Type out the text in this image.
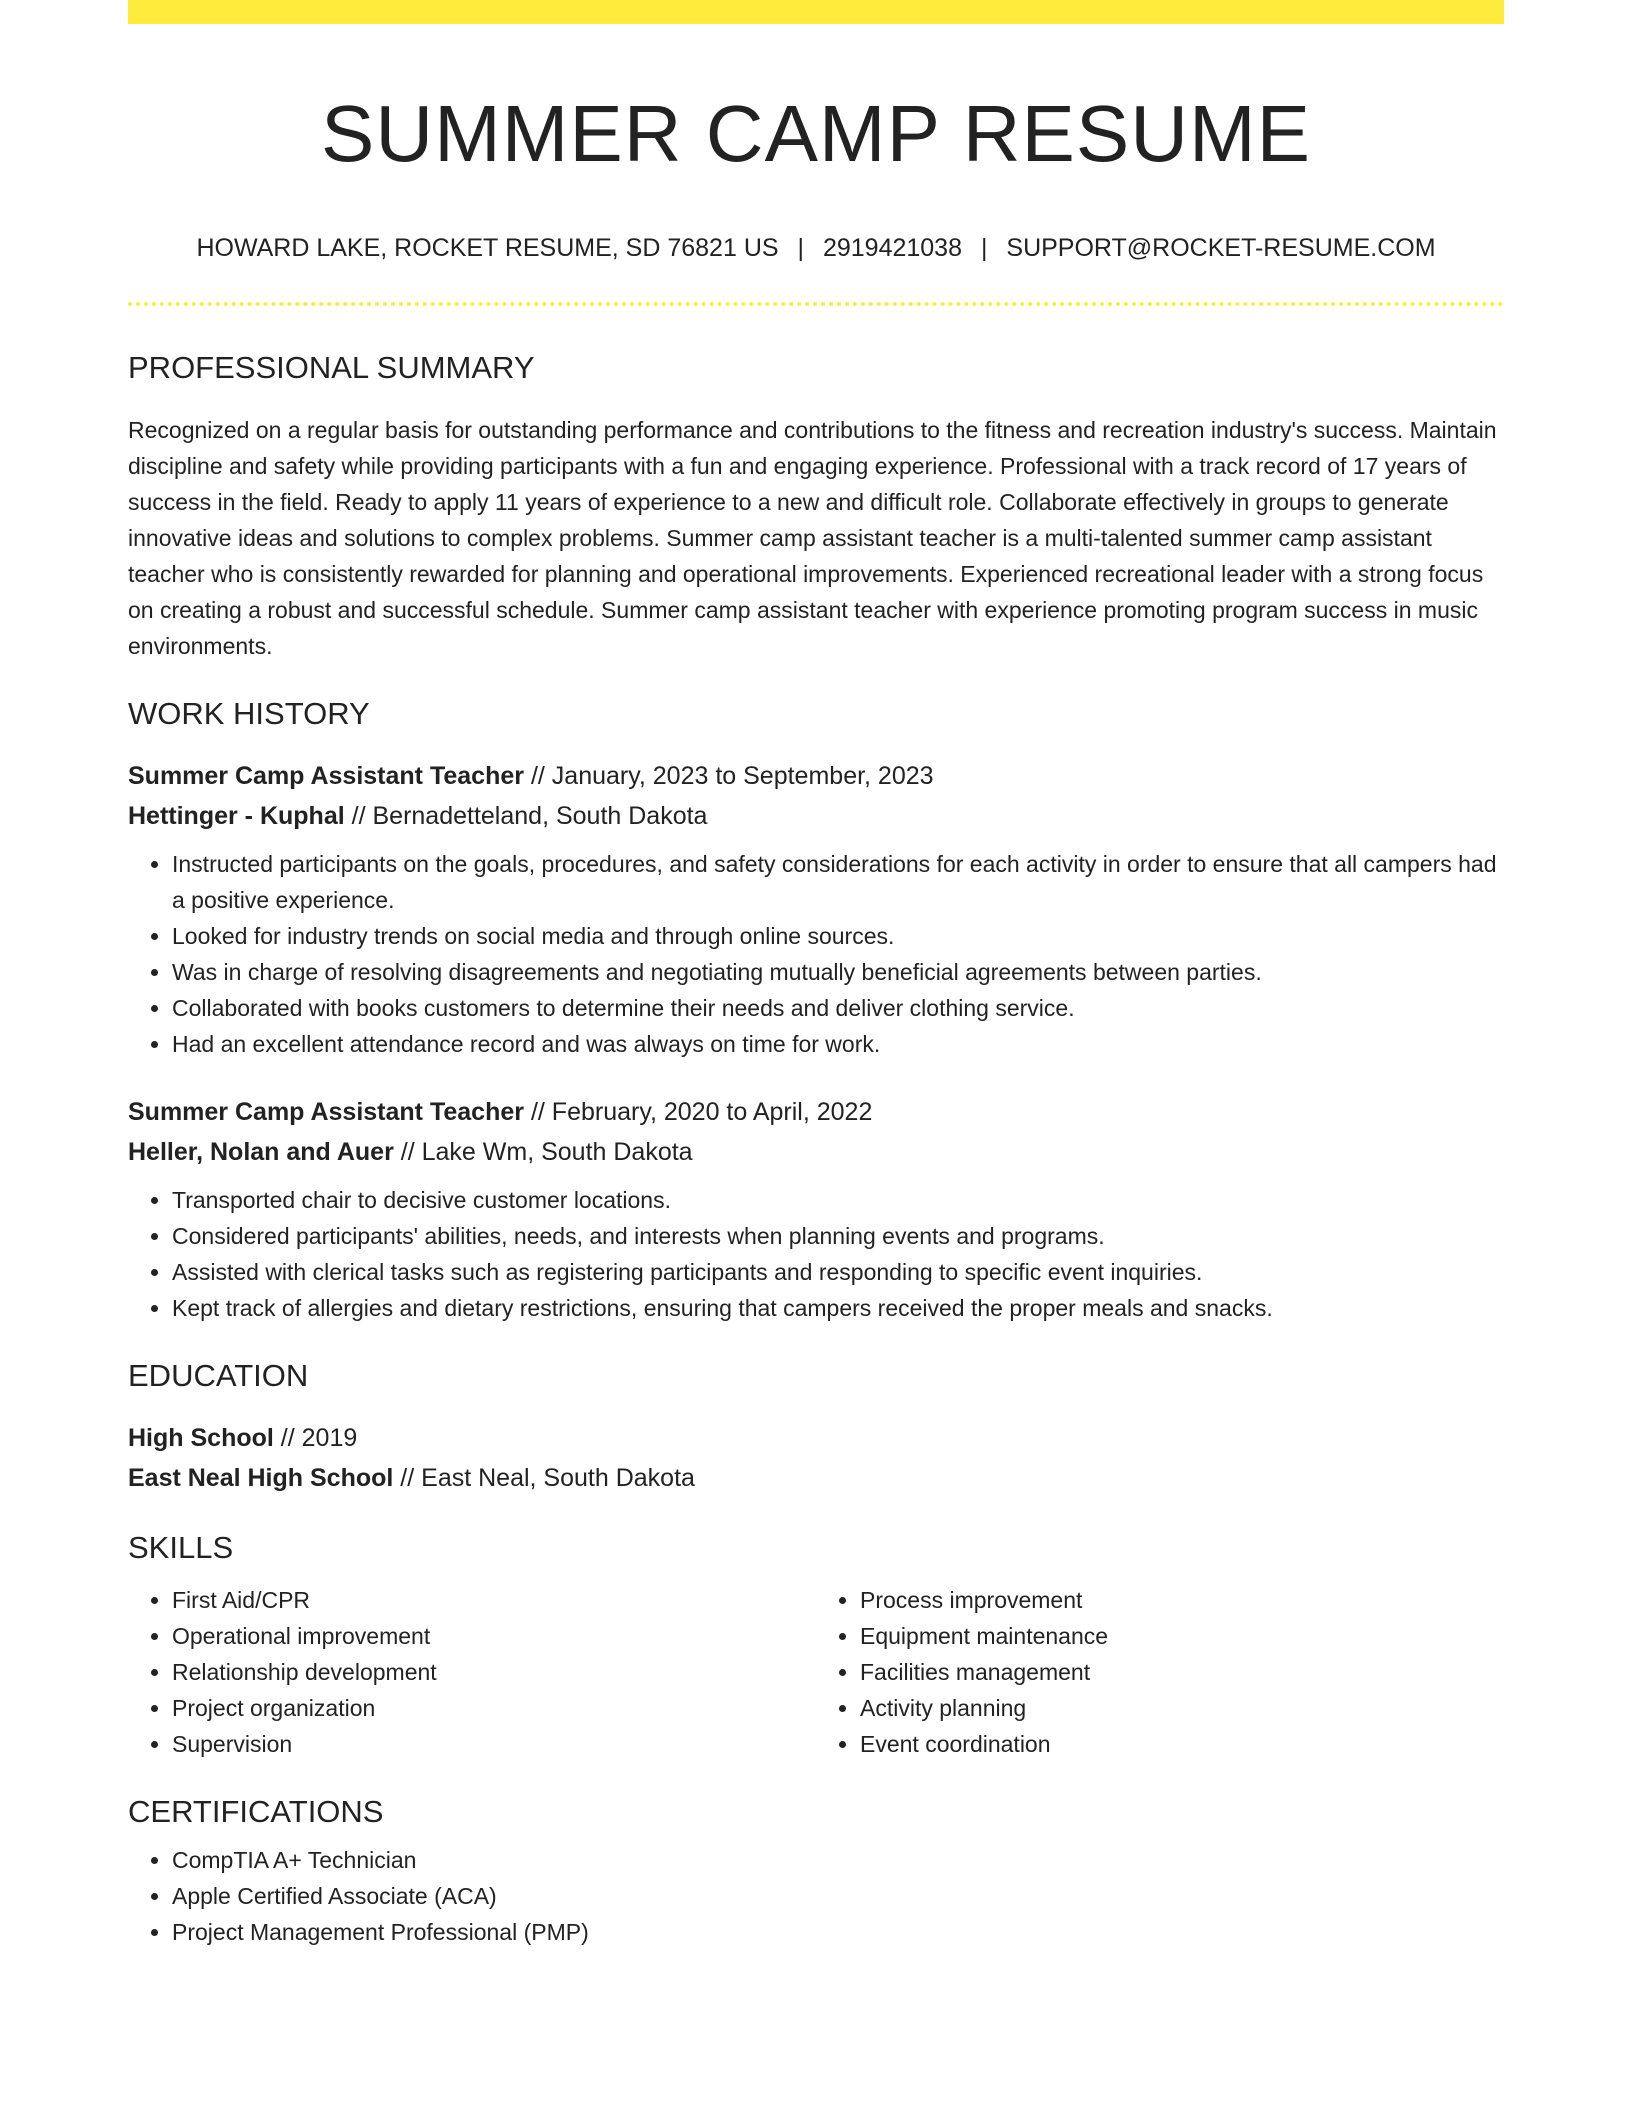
SUMMER CAMP RESUME
HOWARD LAKE, ROCKET RESUME, SD 76821 US | 2919421038 | SUPPORT@ROCKET-RESUME.COM
PROFESSIONAL SUMMARY
Recognized on a regular basis for outstanding performance and contributions to the fitness and recreation industry's success. Maintain discipline and safety while providing participants with a fun and engaging experience. Professional with a track record of 17 years of success in the field. Ready to apply 11 years of experience to a new and difficult role. Collaborate effectively in groups to generate innovative ideas and solutions to complex problems. Summer camp assistant teacher is a multi-talented summer camp assistant teacher who is consistently rewarded for planning and operational improvements. Experienced recreational leader with a strong focus on creating a robust and successful schedule. Summer camp assistant teacher with experience promoting program success in music environments.
WORK HISTORY
Summer Camp Assistant Teacher // January, 2023 to September, 2023
Hettinger - Kuphal // Bernadetteland, South Dakota
• Instructed participants on the goals, procedures, and safety considerations for each activity in order to ensure that all campers had a positive experience.
• Looked for industry trends on social media and through online sources.
• Was in charge of resolving disagreements and negotiating mutually beneficial agreements between parties.
• Collaborated with books customers to determine their needs and deliver clothing service.
• Had an excellent attendance record and was always on time for work.
Summer Camp Assistant Teacher // February, 2020 to April, 2022
Heller, Nolan and Auer // Lake Wm, South Dakota
• Transported chair to decisive customer locations.
• Considered participants' abilities, needs, and interests when planning events and programs.
• Assisted with clerical tasks such as registering participants and responding to specific event inquiries.
• Kept track of allergies and dietary restrictions, ensuring that campers received the proper meals and snacks.
EDUCATION
High School // 2019
East Neal High School // East Neal, South Dakota
SKILLS
• First Aid/CPR
• Operational improvement
• Relationship development
• Project organization
• Supervision
• Process improvement
• Equipment maintenance
• Facilities management
• Activity planning
• Event coordination
CERTIFICATIONS
• CompTIA A+ Technician
• Apple Certified Associate (ACA)
• Project Management Professional (PMP)
